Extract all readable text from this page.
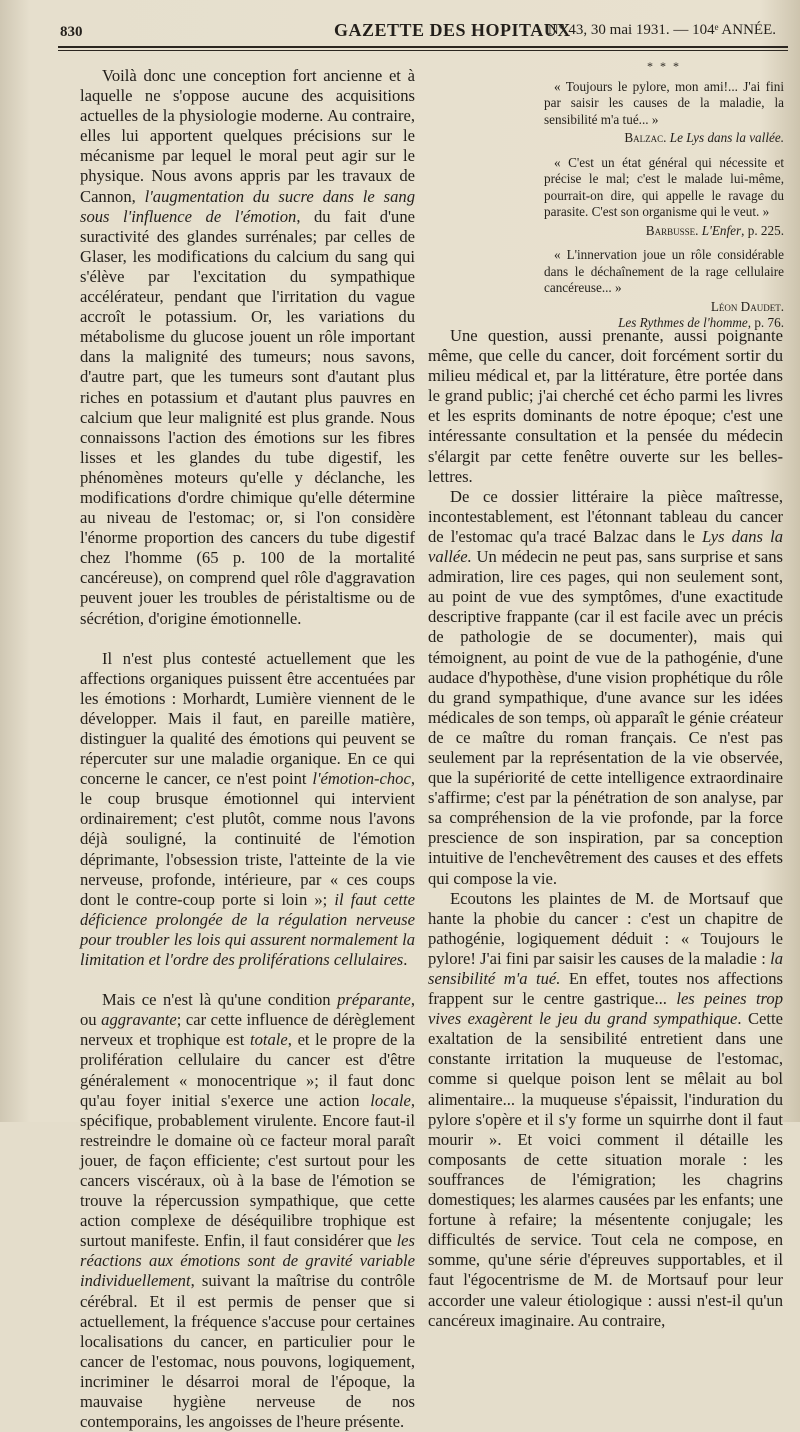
830	GAZETTE DES HOPITAUX
N° 43, 30 mai 1931. — 104ᵉ ANNÉE.

Voilà donc une conception fort ancienne et à laquelle ne s'oppose aucune des acquisitions actuelles de la physiologie moderne. Au contraire, elles lui apportent quelques précisions sur le mécanisme par lequel le moral peut agir sur le physique. Nous avons appris par les travaux de Cannon, l'augmentation du sucre dans le sang sous l'influence de l'émotion, du fait d'une suractivité des glandes surrénales; par celles de Glaser, les modifications du calcium du sang qui s'élève par l'excitation du sympathique accélérateur, pendant que l'irritation du vague accroît le potassium. Or, les variations du métabolisme du glucose jouent un rôle important dans la malignité des tumeurs; nous savons, d'autre part, que les tumeurs sont d'autant plus riches en potassium et d'autant plus pauvres en calcium que leur malignité est plus grande. Nous connaissons l'action des émotions sur les fibres lisses et les glandes du tube digestif, les phénomènes moteurs qu'elle y déclanche, les modifications d'ordre chimique qu'elle détermine au niveau de l'estomac; or, si l'on considère l'énorme proportion des cancers du tube digestif chez l'homme (65 p. 100 de la mortalité cancéreuse), on comprend quel rôle d'aggravation peuvent jouer les troubles de péristaltisme ou de sécrétion, d'origine émotionnelle.

Il n'est plus contesté actuellement que les affections organiques puissent être accentuées par les émotions : Morhardt, Lumière viennent de le développer. Mais il faut, en pareille matière, distinguer la qualité des émotions qui peuvent se répercuter sur une maladie organique. En ce qui concerne le cancer, ce n'est point l'émotion-choc, le coup brusque émotionnel qui intervient ordinairement; c'est plutôt, comme nous l'avons déjà souligné, la continuité de l'émotion déprimante, l'obsession triste, l'atteinte de la vie nerveuse, profonde, intérieure, par « ces coups dont le contre-coup porte si loin »; il faut cette déficience prolongée de la régulation nerveuse pour troubler les lois qui assurent normalement la limitation et l'ordre des proliférations cellulaires.

Mais ce n'est là qu'une condition préparante, ou aggravante; car cette influence de dérèglement nerveux et trophique est totale, et le propre de la prolifération cellulaire du cancer est d'être généralement « monocentrique »; il faut donc qu'au foyer initial s'exerce une action locale, spécifique, probablement virulente. Encore faut-il restreindre le domaine où ce facteur moral paraît jouer, de façon efficiente; c'est surtout pour les cancers viscéraux, où à la base de l'émotion se trouve la répercussion sympathique, que cette action complexe de déséquilibre trophique est surtout manifeste. Enfin, il faut considérer que les réactions aux émotions sont de gravité variable individuellement, suivant la maîtrise du contrôle cérébral. Et il est permis de penser que si actuellement, la fréquence s'accuse pour certaines localisations du cancer, en particulier pour le cancer de l'estomac, nous pouvons, logiquement, incriminer le désarroi moral de l'époque, la mauvaise hygiène nerveuse de nos contemporains, les angoisses de l'heure présente.

* * *

« Toujours le pylore, mon ami!... J'ai fini par saisir les causes de la maladie, la sensibilité m'a tué... »

Balzac. Le Lys dans la vallée.

« C'est un état général qui nécessite et précise le mal; c'est le malade lui-même, pourrait-on dire, qui appelle le ravage du parasite. C'est son organisme qui le veut. »

Barbusse. L'Enfer, p. 225.

« L'innervation joue un rôle considérable dans le déchaînement de la rage cellulaire cancéreuse... »

Léon Daudet.
Les Rythmes de l'homme, p. 76.

Une question, aussi prenante, aussi poignante même, que celle du cancer, doit forcément sortir du milieu médical et, par la littérature, être portée dans le grand public; j'ai cherché cet écho parmi les livres et les esprits dominants de notre époque; c'est une intéressante consultation et la pensée du médecin s'élargit par cette fenêtre ouverte sur les belles-lettres.

De ce dossier littéraire la pièce maîtresse, incontestablement, est l'étonnant tableau du cancer de l'estomac qu'a tracé Balzac dans le Lys dans la vallée. Un médecin ne peut pas, sans surprise et sans admiration, lire ces pages, qui non seulement sont, au point de vue des symptômes, d'une exactitude descriptive frappante (car il est facile avec un précis de pathologie de se documenter), mais qui témoignent, au point de vue de la pathogénie, d'une audace d'hypothèse, d'une vision prophétique du rôle du grand sympathique, d'une avance sur les idées médicales de son temps, où apparaît le génie créateur de ce maître du roman français. Ce n'est pas seulement par la représentation de la vie observée, que la supériorité de cette intelligence extraordinaire s'affirme; c'est par la pénétration de son analyse, par sa compréhension de la vie profonde, par la force prescience de son inspiration, par sa conception intuitive de l'enchevêtrement des causes et des effets qui compose la vie.

Ecoutons les plaintes de M. de Mortsauf que hante la phobie du cancer : c'est un chapitre de pathogénie, logiquement déduit : « Toujours le pylore! J'ai fini par saisir les causes de la maladie : la sensibilité m'a tué. En effet, toutes nos affections frappent sur le centre gastrique... les peines trop vives exagèrent le jeu du grand sympathique. Cette exaltation de la sensibilité entretient dans une constante irritation la muqueuse de l'estomac, comme si quelque poison lent se mêlait au bol alimentaire... la muqueuse s'épaissit, l'induration du pylore s'opère et il s'y forme un squirrhe dont il faut mourir ». Et voici comment il détaille les composants de cette situation morale : les souffrances de l'émigration; les chagrins domestiques; les alarmes causées par les enfants; une fortune à refaire; la mésentente conjugale; les difficultés de service. Tout cela ne compose, en somme, qu'une série d'épreuves supportables, et il faut l'égocentrisme de M. de Mortsauf pour leur accorder une valeur étiologique : aussi n'est-il qu'un cancéreux imaginaire. Au contraire,
